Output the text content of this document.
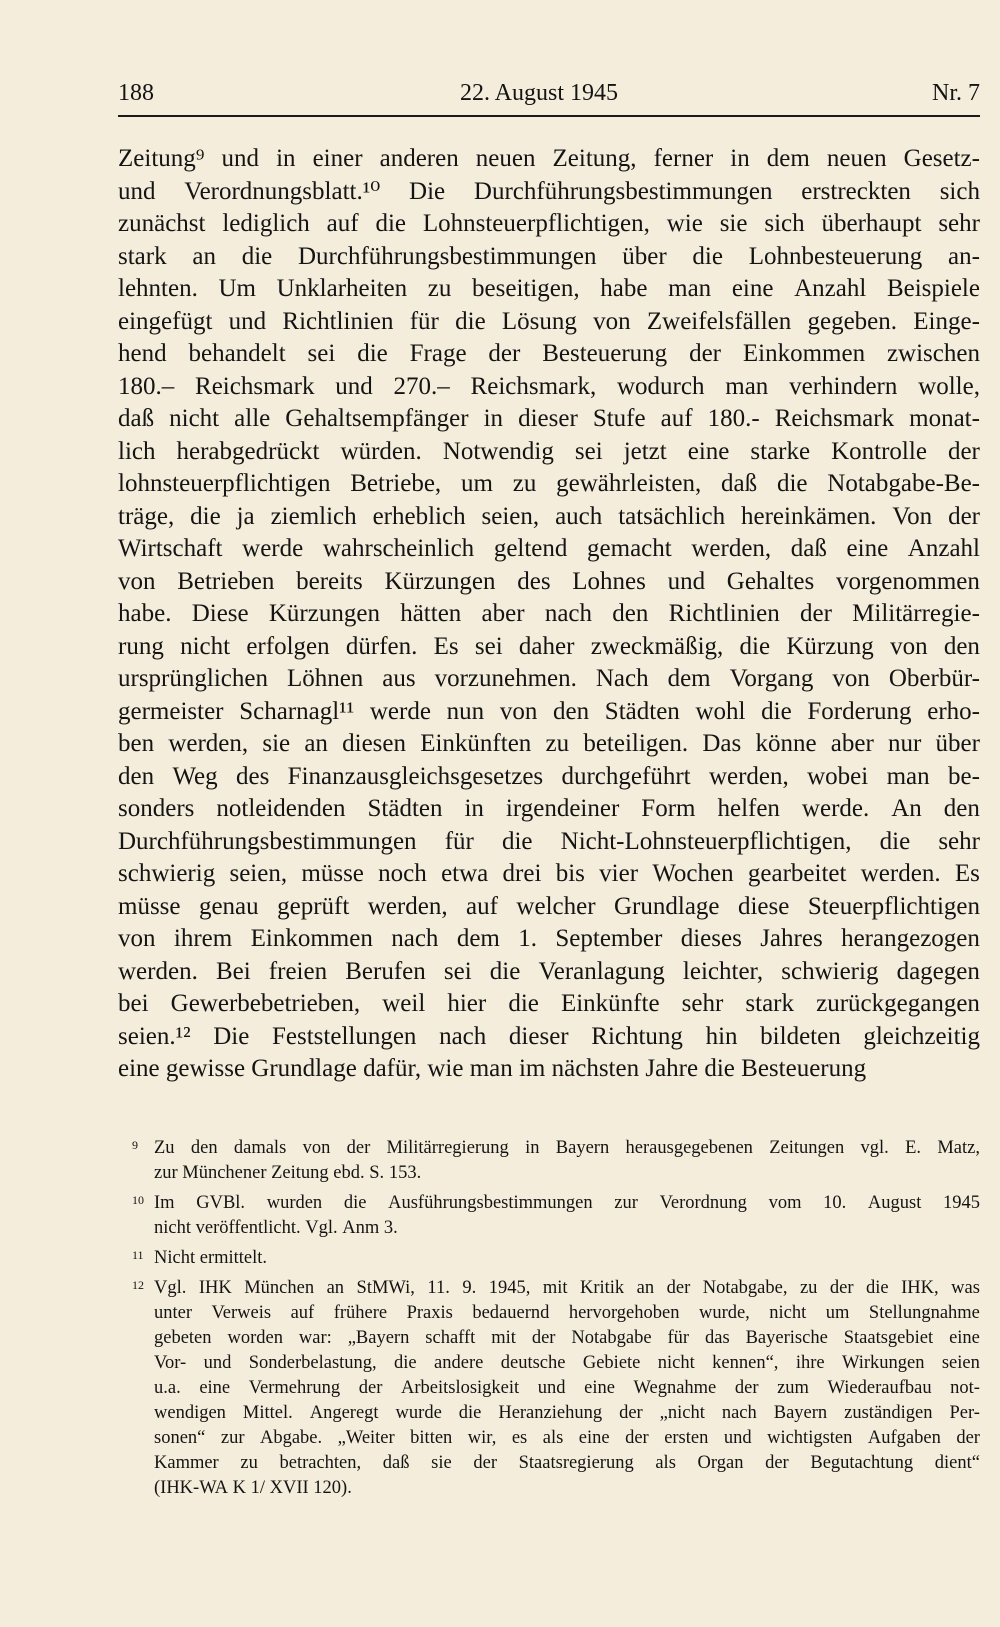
188	22. August 1945	Nr. 7
Zeitung⁹ und in einer anderen neuen Zeitung, ferner in dem neuen Gesetz-
und Verordnungsblatt.¹⁰ Die Durchführungsbestimmungen erstreckten sich
zunächst lediglich auf die Lohnsteuerpflichtigen, wie sie sich überhaupt sehr
stark an die Durchführungsbestimmungen über die Lohnbesteuerung an-
lehnten. Um Unklarheiten zu beseitigen, habe man eine Anzahl Beispiele
eingefügt und Richtlinien für die Lösung von Zweifelsfällen gegeben. Einge-
hend behandelt sei die Frage der Besteuerung der Einkommen zwischen
180.– Reichsmark und 270.– Reichsmark, wodurch man verhindern wolle,
daß nicht alle Gehaltsempfänger in dieser Stufe auf 180.- Reichsmark monat-
lich herabgedrückt würden. Notwendig sei jetzt eine starke Kontrolle der
lohnsteuerpflichtigen Betriebe, um zu gewährleisten, daß die Notabgabe-Be-
träge, die ja ziemlich erheblich seien, auch tatsächlich hereinkämen. Von der
Wirtschaft werde wahrscheinlich geltend gemacht werden, daß eine Anzahl
von Betrieben bereits Kürzungen des Lohnes und Gehaltes vorgenommen
habe. Diese Kürzungen hätten aber nach den Richtlinien der Militärregie-
rung nicht erfolgen dürfen. Es sei daher zweckmäßig, die Kürzung von den
ursprünglichen Löhnen aus vorzunehmen. Nach dem Vorgang von Oberbür-
germeister Scharnagl¹¹ werde nun von den Städten wohl die Forderung erho-
ben werden, sie an diesen Einkünften zu beteiligen. Das könne aber nur über
den Weg des Finanzausgleichsgesetzes durchgeführt werden, wobei man be-
sonders notleidenden Städten in irgendeiner Form helfen werde. An den
Durchführungsbestimmungen für die Nicht-Lohnsteuerpflichtigen, die sehr
schwierig seien, müsse noch etwa drei bis vier Wochen gearbeitet werden. Es
müsse genau geprüft werden, auf welcher Grundlage diese Steuerpflichtigen
von ihrem Einkommen nach dem 1. September dieses Jahres herangezogen
werden. Bei freien Berufen sei die Veranlagung leichter, schwierig dagegen
bei Gewerbebetrieben, weil hier die Einkünfte sehr stark zurückgegangen
seien.¹² Die Feststellungen nach dieser Richtung hin bildeten gleichzeitig
eine gewisse Grundlage dafür, wie man im nächsten Jahre die Besteuerung
9 Zu den damals von der Militärregierung in Bayern herausgegebenen Zeitungen vgl. E. Matz,
zur Münchener Zeitung ebd. S. 153.
10 Im GVBl. wurden die Ausführungsbestimmungen zur Verordnung vom 10. August 1945
nicht veröffentlicht. Vgl. Anm 3.
11 Nicht ermittelt.
12 Vgl. IHK München an StMWi, 11. 9. 1945, mit Kritik an der Notabgabe, zu der die IHK, was
unter Verweis auf frühere Praxis bedauernd hervorgehoben wurde, nicht um Stellungnahme
gebeten worden war: „Bayern schafft mit der Notabgabe für das Bayerische Staatsgebiet eine
Vor- und Sonderbelastung, die andere deutsche Gebiete nicht kennen“, ihre Wirkungen seien
u.a. eine Vermehrung der Arbeitslosigkeit und eine Wegnahme der zum Wiederaufbau not-
wendigen Mittel. Angeregt wurde die Heranziehung der „nicht nach Bayern zuständigen Per-
sonen“ zur Abgabe. „Weiter bitten wir, es als eine der ersten und wichtigsten Aufgaben der
Kammer zu betrachten, daß sie der Staatsregierung als Organ der Begutachtung dient“
(IHK-WA K 1/ XVII 120).
